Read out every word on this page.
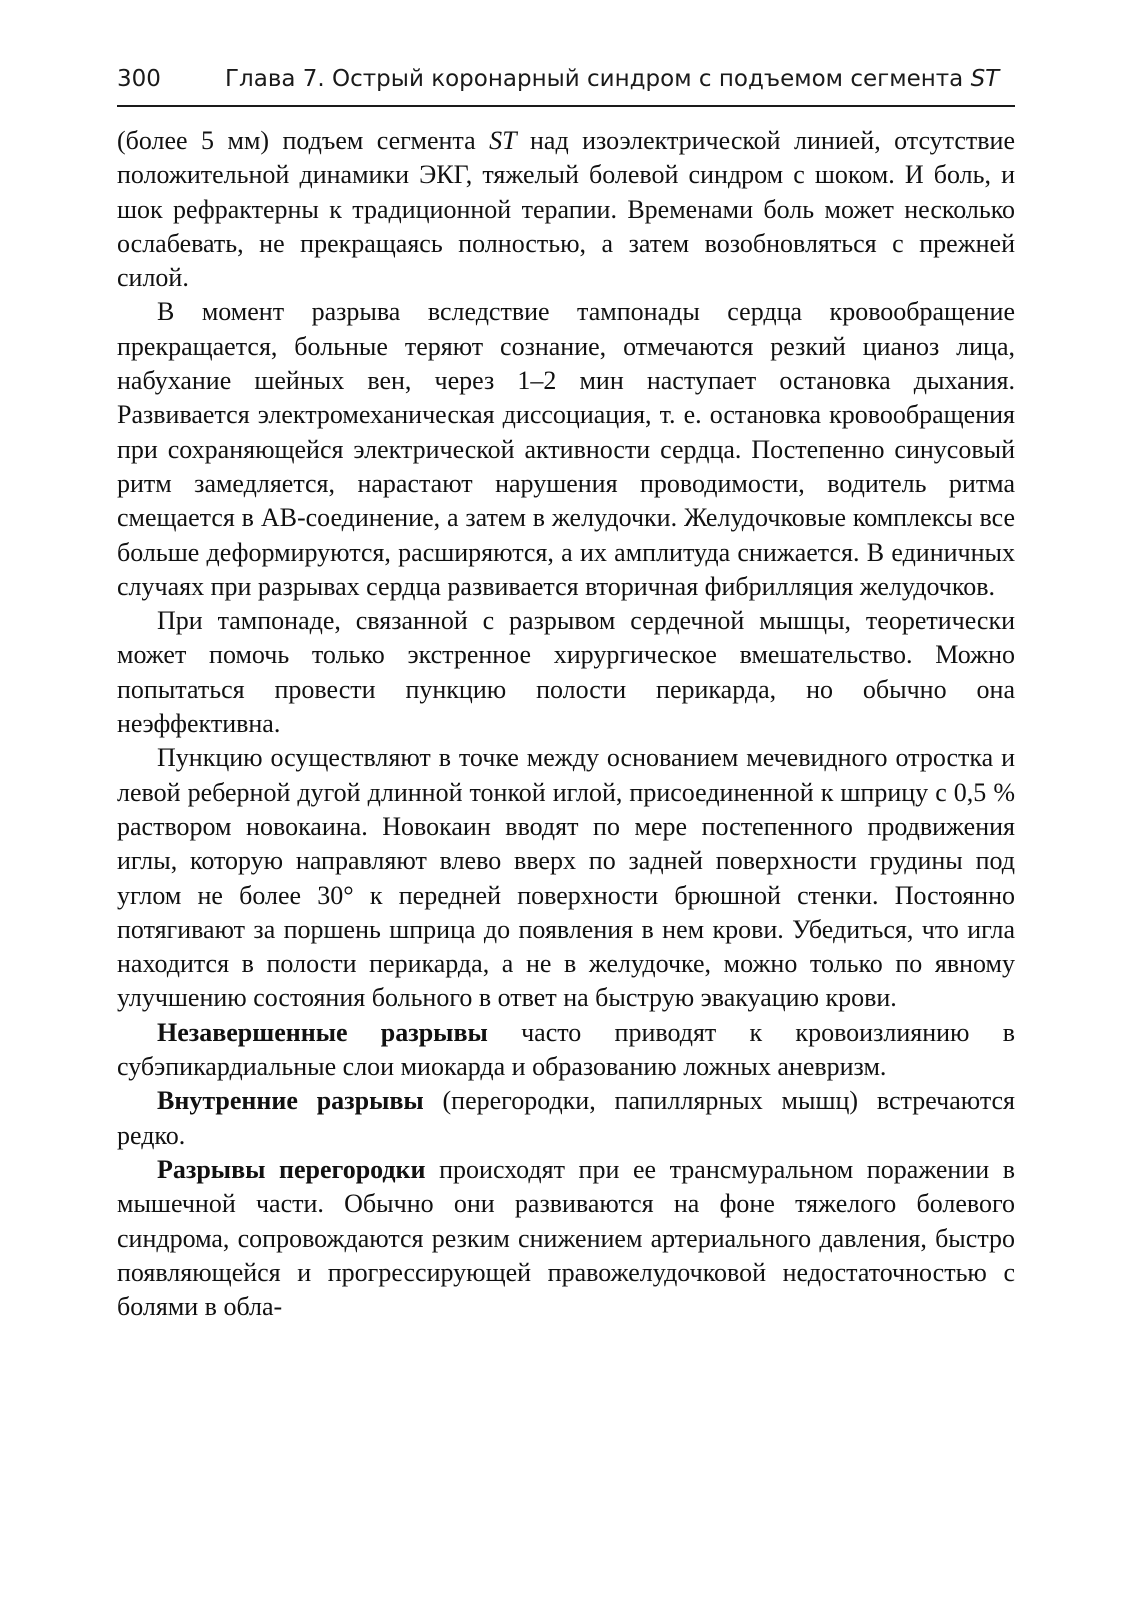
300	Глава 7. Острый коронарный синдром с подъемом сегмента ST

(более 5 мм) подъем сегмента ST над изоэлектрической линией, отсутствие положительной динамики ЭКГ, тяжелый болевой синдром с шоком. И боль, и шок рефрактерны к традиционной терапии. Временами боль может несколько ослабевать, не прекращаясь полностью, а затем возобновляться с прежней силой.

В момент разрыва вследствие тампонады сердца кровообращение прекращается, больные теряют сознание, отмечаются резкий цианоз лица, набухание шейных вен, через 1–2 мин наступает остановка дыхания. Развивается электромеханическая диссоциация, т. е. остановка кровообращения при сохраняющейся электрической активности сердца. Постепенно синусовый ритм замедляется, нарастают нарушения проводимости, водитель ритма смещается в АВ-соединение, а затем в желудочки. Желудочковые комплексы все больше деформируются, расширяются, а их амплитуда снижается. В единичных случаях при разрывах сердца развивается вторичная фибрилляция желудочков.

При тампонаде, связанной с разрывом сердечной мышцы, теоретически может помочь только экстренное хирургическое вмешательство. Можно попытаться провести пункцию полости перикарда, но обычно она неэффективна.

Пункцию осуществляют в точке между основанием мечевидного отростка и левой реберной дугой длинной тонкой иглой, присоединенной к шприцу с 0,5 % раствором новокаина. Новокаин вводят по мере постепенного продвижения иглы, которую направляют влево вверх по задней поверхности грудины под углом не более 30° к передней поверхности брюшной стенки. Постоянно потягивают за поршень шприца до появления в нем крови. Убедиться, что игла находится в полости перикарда, а не в желудочке, можно только по явному улучшению состояния больного в ответ на быструю эвакуацию крови.

Незавершенные разрывы часто приводят к кровоизлиянию в субэпикардиальные слои миокарда и образованию ложных аневризм.

Внутренние разрывы (перегородки, папиллярных мышц) встречаются редко.

Разрывы перегородки происходят при ее трансмуральном поражении в мышечной части. Обычно они развиваются на фоне тяжелого болевого синдрома, сопровождаются резким снижением артериального давления, быстро появляющейся и прогрессирующей правожелудочковой недостаточностью с болями в обла-
